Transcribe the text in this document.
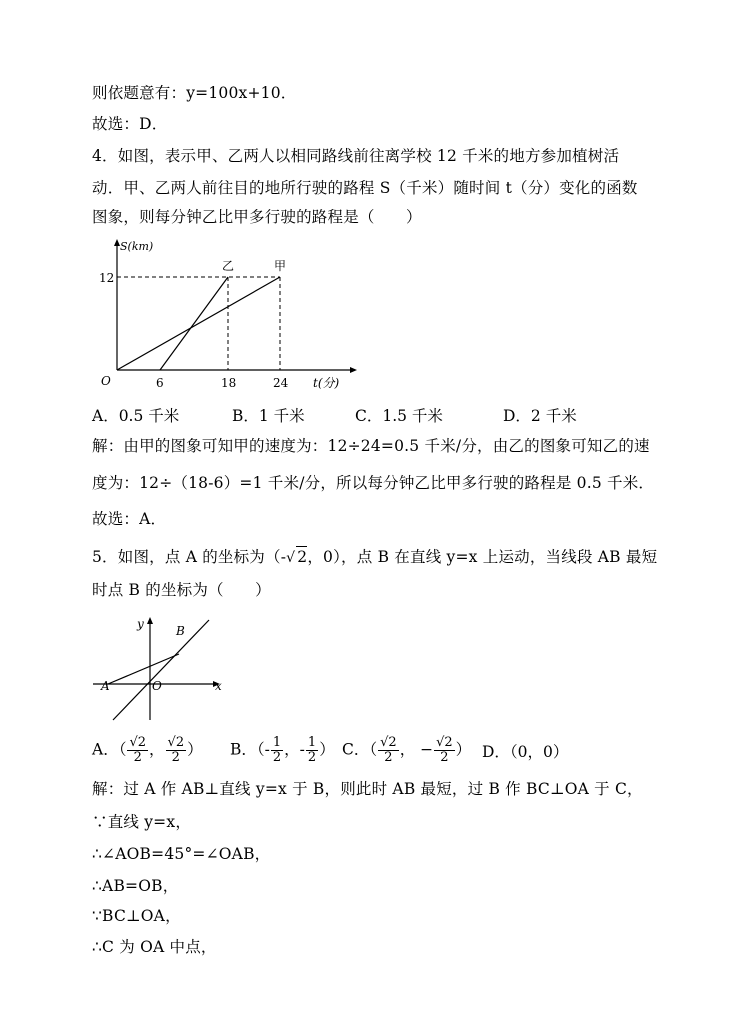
则依题意有：y=100x+10．
故选：D．
4．如图，表示甲、乙两人以相同路线前往离学校 12 千米的地方参加植树活
动．甲、乙两人前往目的地所行驶的路程 S（千米）随时间 t（分）变化的函数
图象，则每分钟乙比甲多行驶的路程是（　　）
S(km)
12
O	6	18	24 t(分)
乙	甲
A．0.5 千米	B．1 千米	C．1.5 千米	D．2 千米
解：由甲的图象可知甲的速度为：12÷24=0.5 千米/分，由乙的图象可知乙的速
度为：12÷（18-6）=1 千米/分，所以每分钟乙比甲多行驶的路程是 0.5 千米．
故选：A．
5．如图，点 A 的坐标为（-√ 2，0），点 B 在直线 y=x 上运动，当线段 AB 最短
时点 B 的坐标为（　　）
y	B
A	O	x
A．（ $\frac{√2}{2}$ ， $\frac{√2}{2}$ ） B．（- $\frac{1}{2}$ ，- $\frac{1}{2}$ ） C．（ $\frac{√2}{2}$ ， − $\frac{√2}{2}$ ） D．（0，0）
解：过 A 作 AB⊥直线 y=x 于 B，则此时 AB 最短，过 B 作 BC⊥OA 于 C，
∵直线 y=x，
∴∠AOB=45°=∠OAB，
∴AB=OB，
∵BC⊥OA，
∴C 为 OA 中点，
